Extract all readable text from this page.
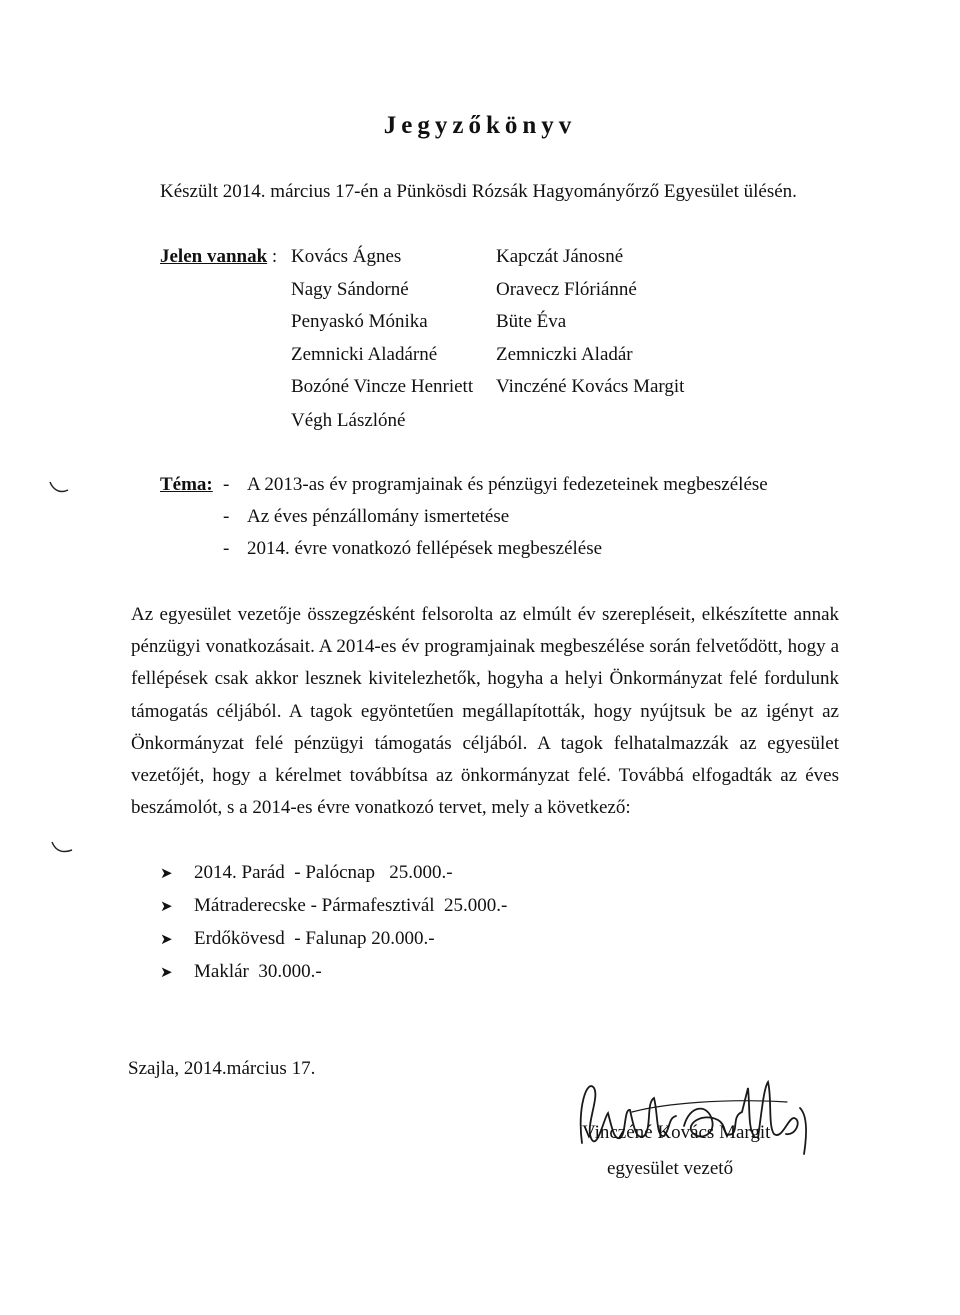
Jegyzőkönyv
Készült 2014. március 17-én a Pünkösdi Rózsák Hagyományőrző Egyesület ülésén.
Jelen vannak : Kovács Ágnes
Nagy Sándorné
Penyaskó Mónika
Zemnicki Aladárné
Bozóné Vincze Henriett
Végh Lászlóné
Kapczát Jánosné
Oravecz Flóriánné
Büte Éva
Zemniczki Aladár
Vinczéné Kovács Margit
Téma: -
-
-
A 2013-as év programjainak és pénzügyi fedezeteinek megbeszélése
Az éves pénzállomány ismertetése
2014. évre vonatkozó fellépések megbeszélése
Az egyesület vezetője összegzésként felsorolta az elmúlt év szerepléseit, elkészítette annak pénzügyi vonatkozásait. A 2014-es év programjainak megbeszélése során felvetődött, hogy a fellépések csak akkor lesznek kivitelezhetők, hogyha a helyi Önkormányzat felé fordulunk támogatás céljából. A tagok egyöntetűen megállapították, hogy nyújtsuk be az igényt az Önkormányzat felé pénzügyi támogatás céljából. A tagok felhatalmazzák az egyesület vezetőjét, hogy a kérelmet továbbítsa az önkormányzat felé. Továbbá elfogadták az éves beszámolót, s a 2014-es évre vonatkozó tervet, mely a következő:
➤ 2014. Parád  - Palócnap   25.000.-
➤ Mátraderecske - Pármafesztivál  25.000.-
➤ Erdőkövesd  - Falunap 20.000.-
➤ Maklár  30.000.-
Szajla, 2014.március 17.
Vinczéné Kovács Margit
egyesület vezető
